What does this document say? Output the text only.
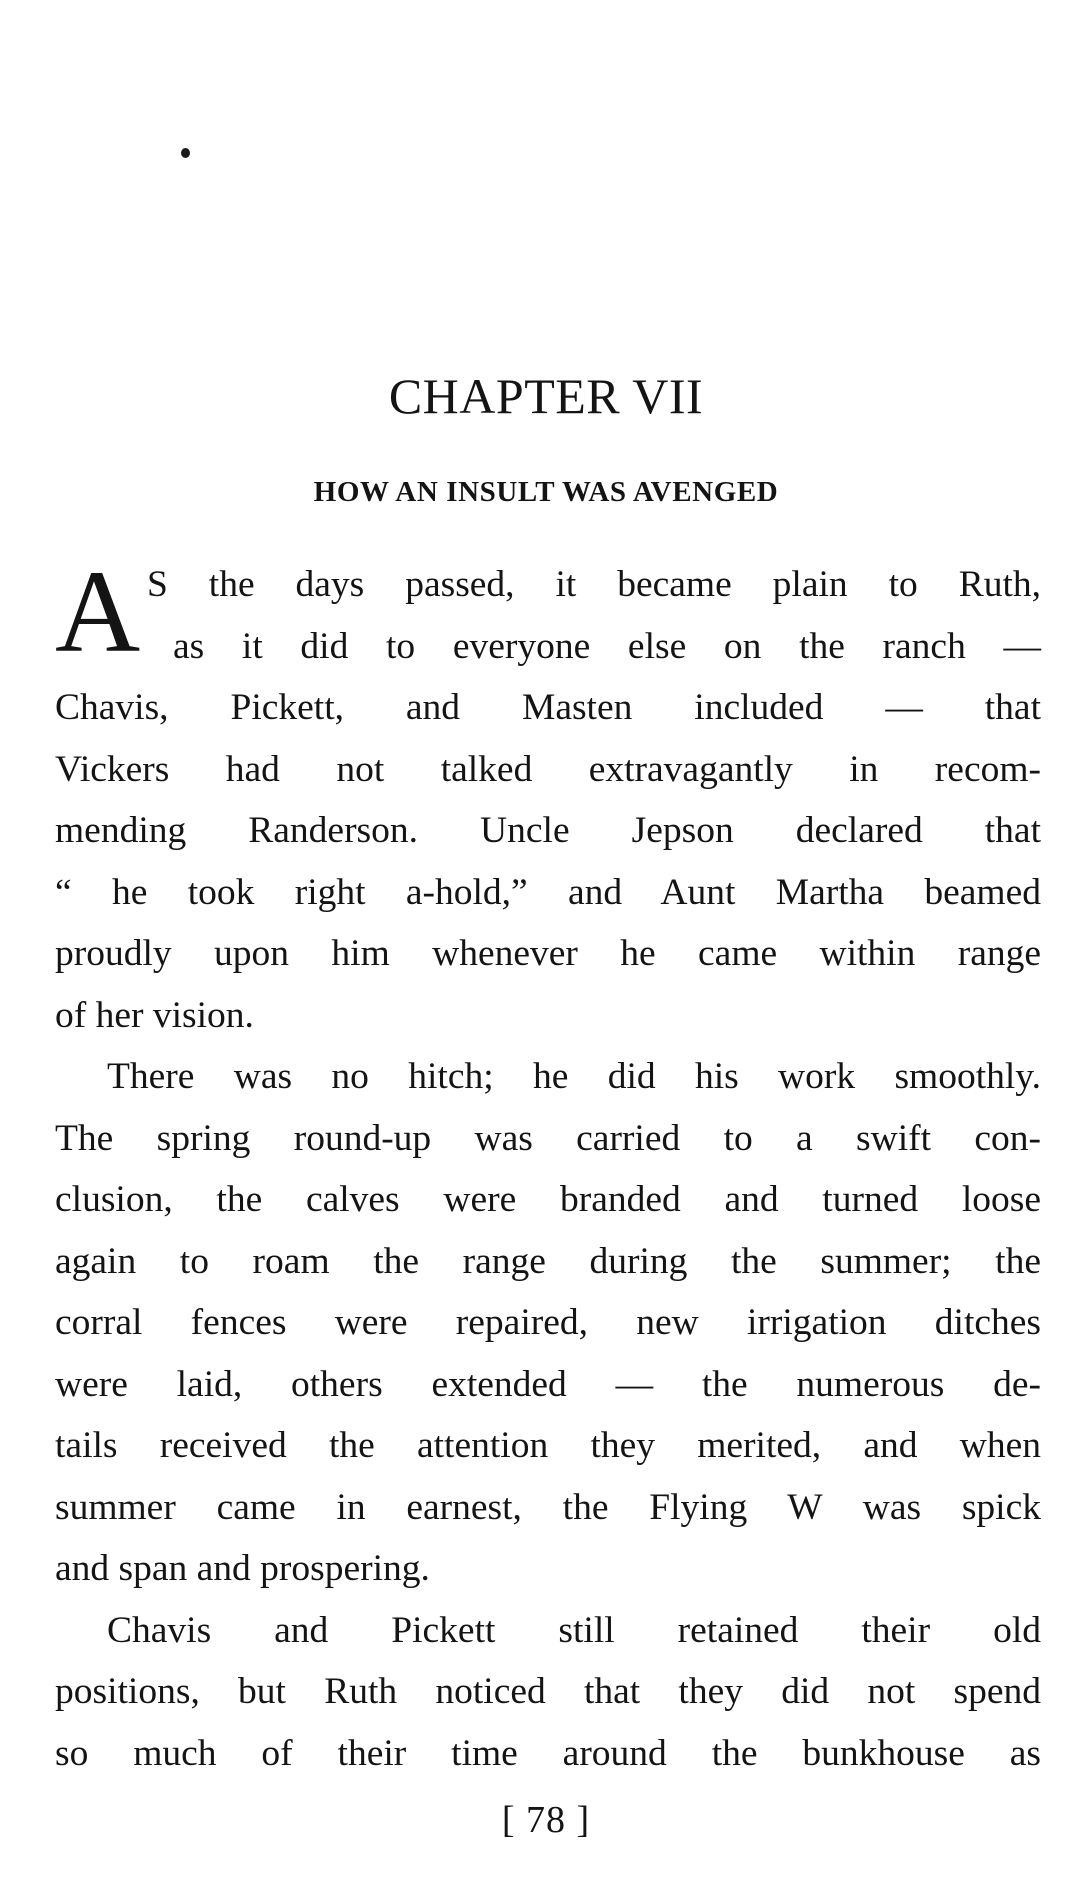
CHAPTER VII
HOW AN INSULT WAS AVENGED
A S the days passed, it became plain to Ruth,
as it did to everyone else on the ranch —
Chavis, Pickett, and Masten included — that
Vickers had not talked extravagantly in recom-
mending Randerson. Uncle Jepson declared that
“ he took right a-hold,” and Aunt Martha beamed
proudly upon him whenever he came within range
of her vision.
There was no hitch; he did his work smoothly.
The spring round-up was carried to a swift con-
clusion, the calves were branded and turned loose
again to roam the range during the summer; the
corral fences were repaired, new irrigation ditches
were laid, others extended — the numerous de-
tails received the attention they merited, and when
summer came in earnest, the Flying W was spick
and span and prospering.
Chavis and Pickett still retained their old
positions, but Ruth noticed that they did not spend
so much of their time around the bunkhouse as
[ 78 ]
